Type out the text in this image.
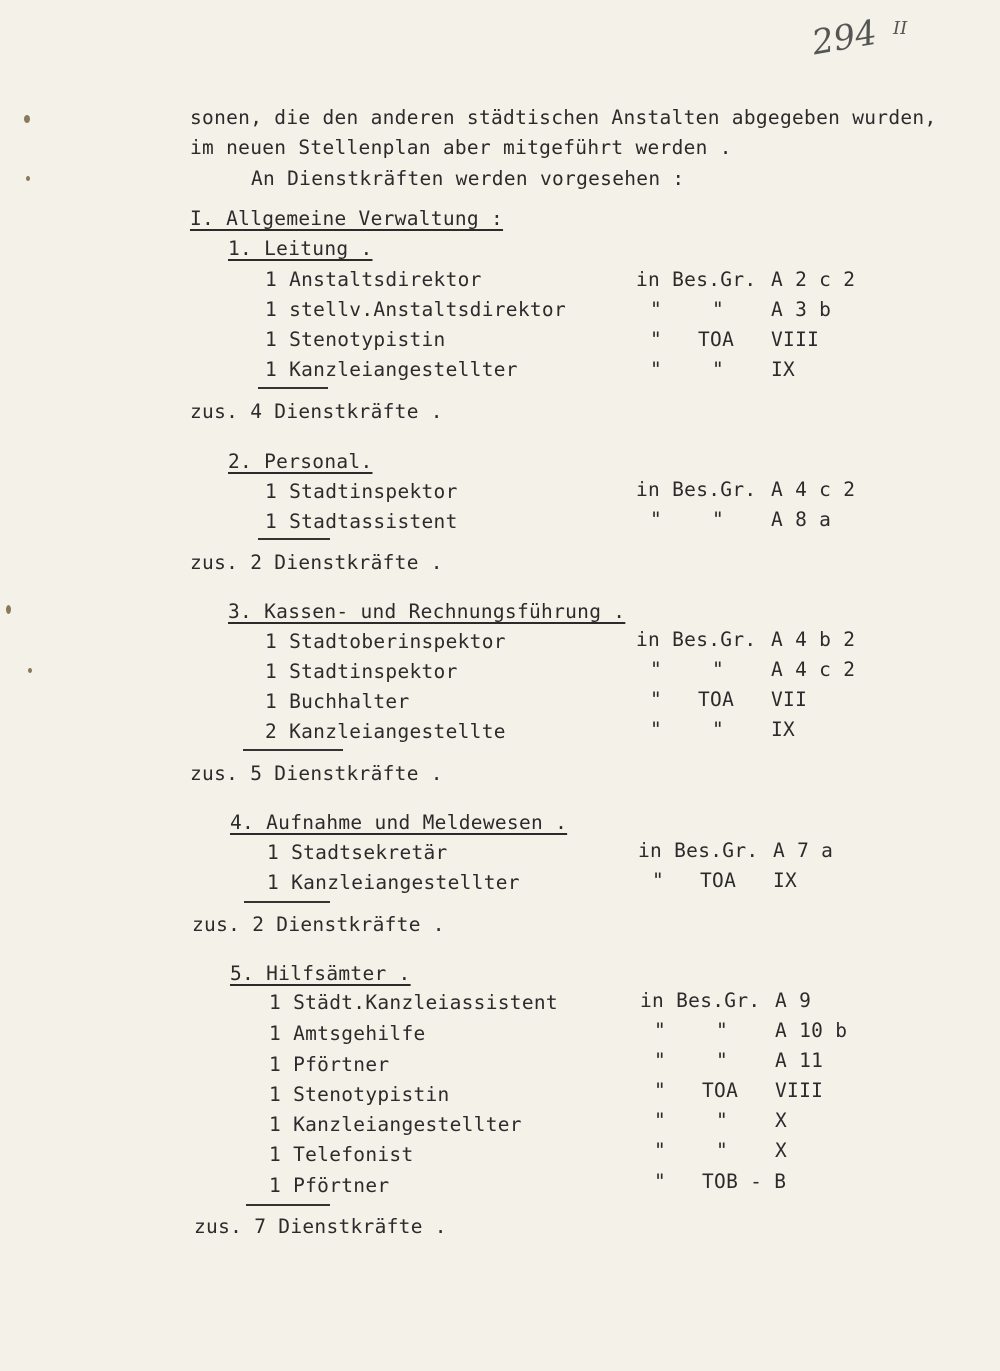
294 II
sonen, die den anderen städtischen Anstalten abgegeben wurden,
im neuen Stellenplan aber mitgeführt werden .
An Dienstkräften werden vorgesehen :
I. Allgemeine Verwaltung :
1. Leitung .
1 Anstaltsdirektor	in Bes.Gr. A 2 c 2
1 stellv.Anstaltsdirektor	"	" A 3 b
1 Stenotypistin	" TOA VIII
1 Kanzleiangestellter	"	" IX
zus. 4 Dienstkräfte .
2. Personal.
1 Stadtinspektor	in Bes.Gr. A 4 c 2
1 Stadtassistent	"	" A 8 a
zus. 2 Dienstkräfte .
3. Kassen- und Rechnungsführung .
1 Stadtoberinspektor	in Bes.Gr. A 4 b 2
1 Stadtinspektor	"	" A 4 c 2
1 Buchhalter	" TOA VII
2 Kanzleiangestellte	"	" IX
zus. 5 Dienstkräfte .
4. Aufnahme und Meldewesen .
1 Stadtsekretär	in Bes.Gr. A 7 a
1 Kanzleiangestellter	" TOA IX
zus. 2 Dienstkräfte .
5. Hilfsämter .
1 Städt.Kanzleiassistent	in Bes.Gr. A 9
1 Amtsgehilfe	"	" A 10 b
1 Pförtner	"	" A 11
1 Stenotypistin	" TOA VIII
1 Kanzleiangestellter	"	" X
1 Telefonist	"	" X
1 Pförtner	" TOB - B
zus. 7 Dienstkräfte .
